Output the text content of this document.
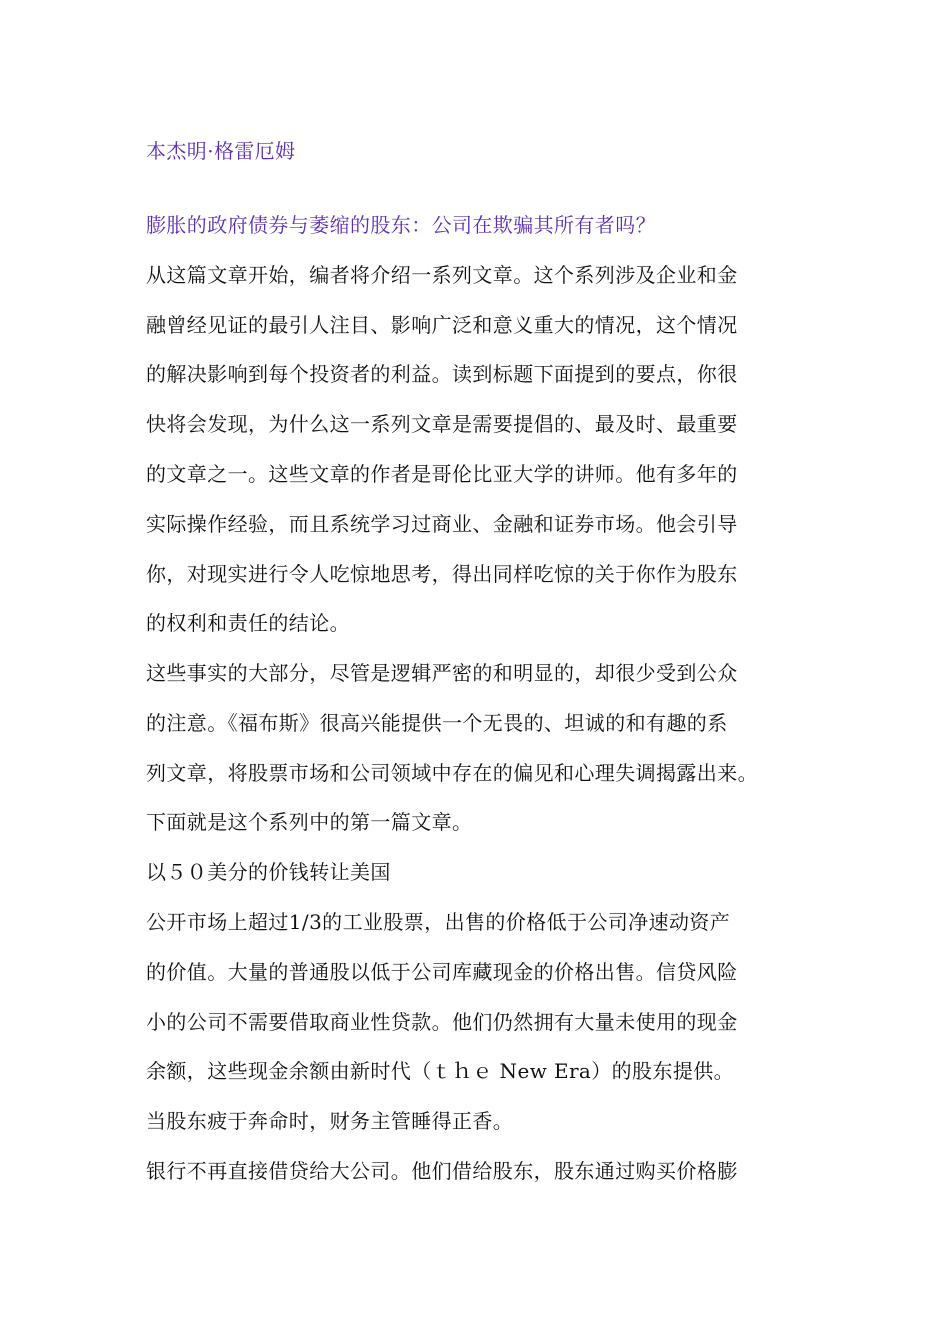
本杰明·格雷厄姆
膨胀的政府债券与萎缩的股东：公司在欺骗其所有者吗？
从这篇文章开始，编者将介绍一系列文章。这个系列涉及企业和金
融曾经见证的最引人注目、影响广泛和意义重大的情况，这个情况
的解决影响到每个投资者的利益。读到标题下面提到的要点，你很
快将会发现，为什么这一系列文章是需要提倡的、最及时、最重要
的文章之一。这些文章的作者是哥伦比亚大学的讲师。他有多年的
实际操作经验，而且系统学习过商业、金融和证券市场。他会引导
你，对现实进行令人吃惊地思考，得出同样吃惊的关于你作为股东
的权利和责任的结论。
这些事实的大部分，尽管是逻辑严密的和明显的，却很少受到公众
的注意。《福布斯》很高兴能提供一个无畏的、坦诚的和有趣的系
列文章，将股票市场和公司领域中存在的偏见和心理失调揭露出来。
下面就是这个系列中的第一篇文章。
以５０美分的价钱转让美国
公开市场上超过1/3的工业股票，出售的价格低于公司净速动资产
的价值。大量的普通股以低于公司库藏现金的价格出售。信贷风险
小的公司不需要借取商业性贷款。他们仍然拥有大量未使用的现金
余额，这些现金余额由新时代（ｔｈｅ New Era）的股东提供。
当股东疲于奔命时，财务主管睡得正香。
银行不再直接借贷给大公司。他们借给股东，股东通过购买价格膨
